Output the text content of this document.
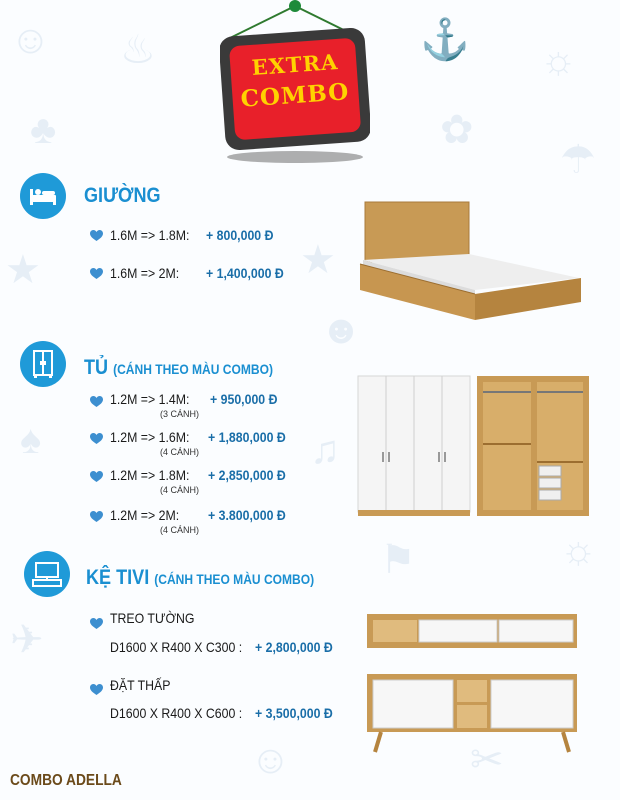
☺ ♨	⚓ ☼
♣	✿
☂
★	★
☻
♠	♫
☼
⚑
✈
☺	✂
EXTRA
COMBO
GIƯỜNG
1.6M => 1.8M: + 800,000 Đ
1.6M => 2M: + 1,400,000 Đ
TỦ (CÁNH THEO MÀU COMBO)
1.2M => 1.4M:
(3 CÁNH)
+ 950,000 Đ
1.2M => 1.6M:
(4 CÁNH)
+ 1,880,000 Đ
1.2M => 1.8M:
(4 CÁNH)
+ 2,850,000 Đ
1.2M => 2M:
(4 CÁNH)
+ 3.800,000 Đ
KỆ TIVI (CÁNH THEO MÀU COMBO)
TREO TƯỜNG
D1600 X R400 X C300 : + 2,800,000 Đ
ĐẶT THẤP
D1600 X R400 X C600 : + 3,500,000 Đ
COMBO ADELLA
